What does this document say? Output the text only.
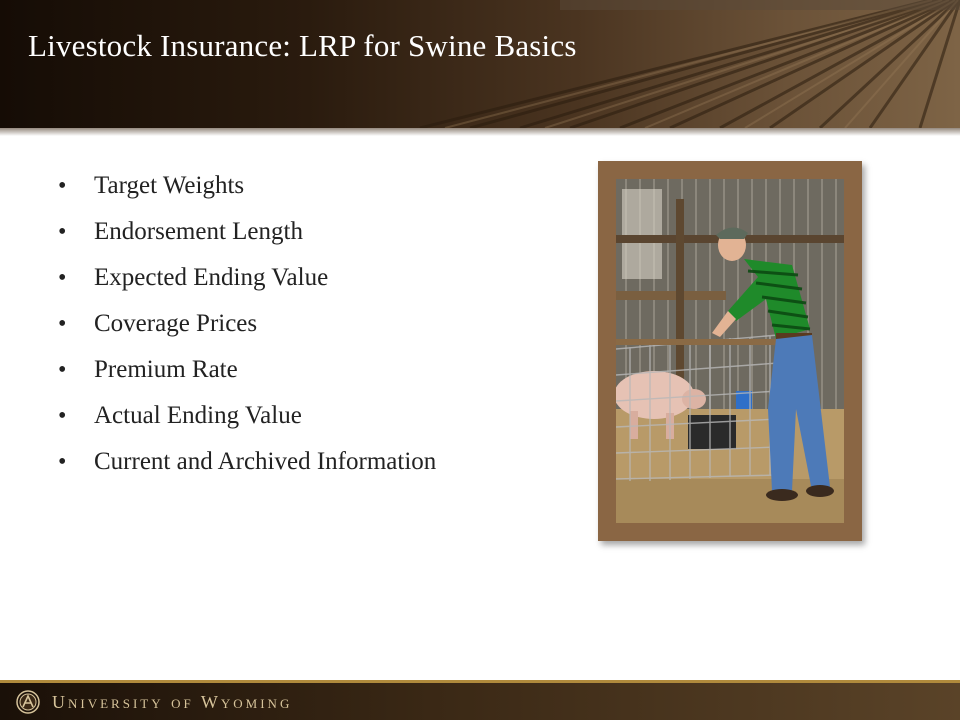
Livestock Insurance: LRP for Swine Basics
• Target Weights
• Endorsement Length
• Expected Ending Value
• Coverage Prices
• Premium Rate
• Actual Ending Value
• Current and Archived Information
University of Wyoming
